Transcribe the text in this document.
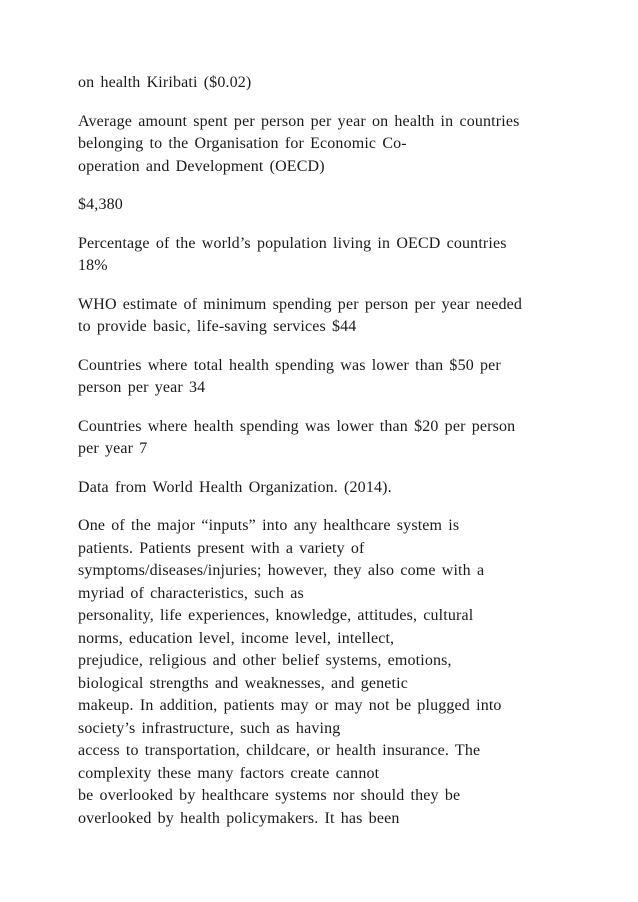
on health Kiribati ($0.02)
Average amount spent per person per year on health in countries
belonging to the Organisation for Economic Co-
operation and Development (OECD)
$4,380
Percentage of the world’s population living in OECD countries
18%
WHO estimate of minimum spending per person per year needed
to provide basic, life-saving services $44
Countries where total health spending was lower than $50 per
person per year 34
Countries where health spending was lower than $20 per person
per year 7
Data from World Health Organization. (2014).
One of the major “inputs” into any healthcare system is
patients. Patients present with a variety of
symptoms/diseases/injuries; however, they also come with a
myriad of characteristics, such as
personality, life experiences, knowledge, attitudes, cultural
norms, education level, income level, intellect,
prejudice, religious and other belief systems, emotions,
biological strengths and weaknesses, and genetic
makeup. In addition, patients may or may not be plugged into
society’s infrastructure, such as having
access to transportation, childcare, or health insurance. The
complexity these many factors create cannot
be overlooked by healthcare systems nor should they be
overlooked by health policymakers. It has been
